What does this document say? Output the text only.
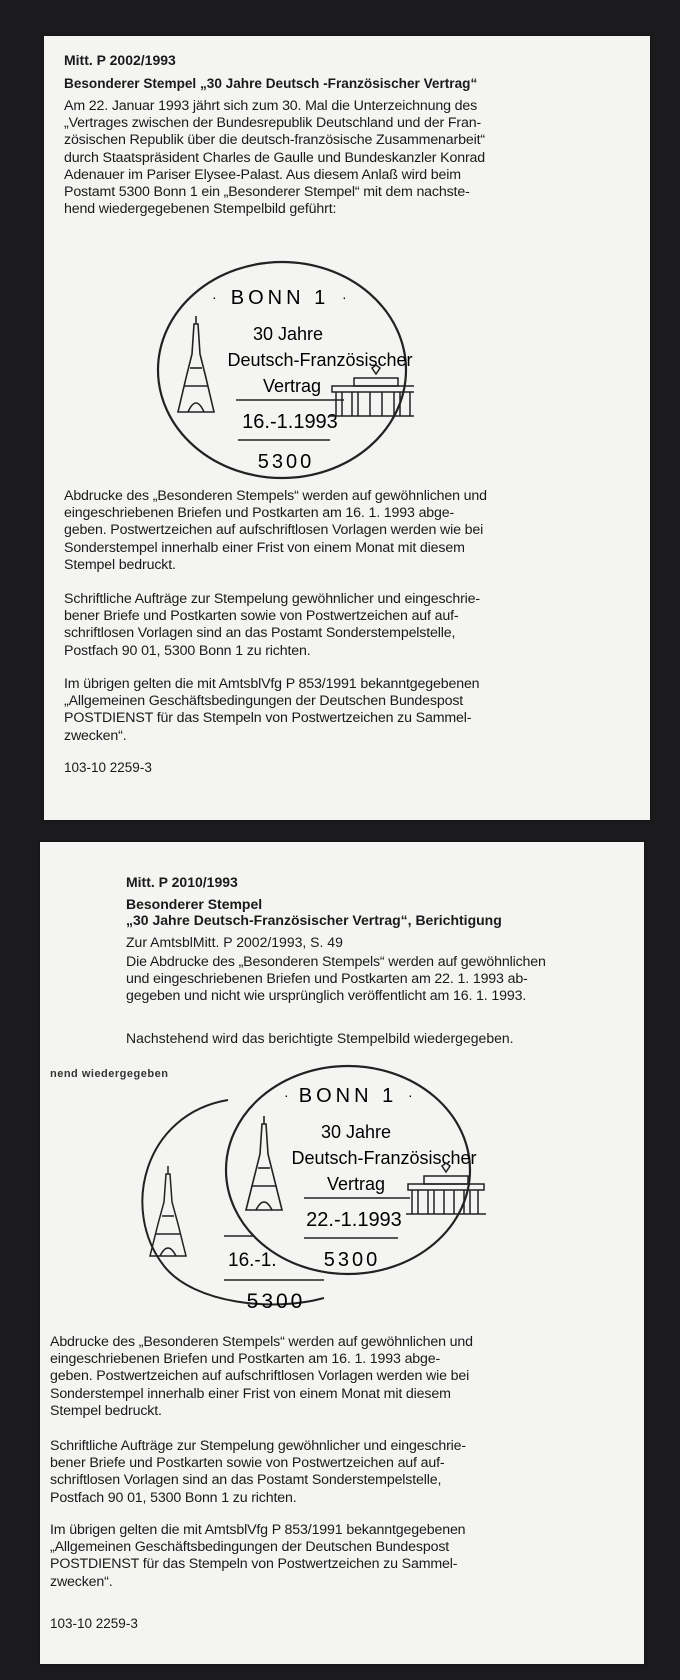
Mitt. P 2002/1993
Besonderer Stempel „30 Jahre Deutsch -Französischer Vertrag“
Am 22. Januar 1993 jährt sich zum 30. Mal die Unterzeichnung des
„Vertrages zwischen der Bundesrepublik Deutschland und der Fran-
zösischen Republik über die deutsch-französische Zusammenarbeit“
durch Staatspräsident Charles de Gaulle und Bundeskanzler Konrad
Adenauer im Pariser Elysee-Palast. Aus diesem Anlaß wird beim
Postamt 5300 Bonn 1 ein „Besonderer Stempel“ mit dem nachste-
hend wiedergegebenen Stempelbild geführt:
·	·
BONN 1
30 Jahre
Deutsch-Französischer
Vertrag
16.-1.1993
5300
Abdrucke des „Besonderen Stempels“ werden auf gewöhnlichen und
eingeschriebenen Briefen und Postkarten am 16. 1. 1993 abge-
geben. Postwertzeichen auf aufschriftlosen Vorlagen werden wie bei
Sonderstempel innerhalb einer Frist von einem Monat mit diesem
Stempel bedruckt.
Schriftliche Aufträge zur Stempelung gewöhnlicher und eingeschrie-
bener Briefe und Postkarten sowie von Postwertzeichen auf auf-
schriftlosen Vorlagen sind an das Postamt Sonderstempelstelle,
Postfach 90 01, 5300 Bonn 1 zu richten.
Im übrigen gelten die mit AmtsblVfg P 853/1991 bekanntgegebenen
„Allgemeinen Geschäftsbedingungen der Deutschen Bundespost
POSTDIENST für das Stempeln von Postwertzeichen zu Sammel-
zwecken“.
103-10 2259-3
Mitt. P 2010/1993
Besonderer Stempel
„30 Jahre Deutsch-Französischer Vertrag“, Berichtigung
Zur AmtsblMitt. P 2002/1993, S. 49
Die Abdrucke des „Besonderen Stempels“ werden auf gewöhnlichen
und eingeschriebenen Briefen und Postkarten am 22. 1. 1993 ab-
gegeben und nicht wie ursprünglich veröffentlicht am 16. 1. 1993.
Nachstehend wird das berichtigte Stempelbild wiedergegeben.
nend wiedergegeben
16.-1.
5300
·	·
BONN 1
30 Jahre
Deutsch-Französischer
Vertrag
22.-1.1993
5300
Abdrucke des „Besonderen Stempels“ werden auf gewöhnlichen und
eingeschriebenen Briefen und Postkarten am 16. 1. 1993 abge-
geben. Postwertzeichen auf aufschriftlosen Vorlagen werden wie bei
Sonderstempel innerhalb einer Frist von einem Monat mit diesem
Stempel bedruckt.
Schriftliche Aufträge zur Stempelung gewöhnlicher und eingeschrie-
bener Briefe und Postkarten sowie von Postwertzeichen auf auf-
schriftlosen Vorlagen sind an das Postamt Sonderstempelstelle,
Postfach 90 01, 5300 Bonn 1 zu richten.
Im übrigen gelten die mit AmtsblVfg P 853/1991 bekanntgegebenen
„Allgemeinen Geschäftsbedingungen der Deutschen Bundespost
POSTDIENST für das Stempeln von Postwertzeichen zu Sammel-
zwecken“.
103-10 2259-3
